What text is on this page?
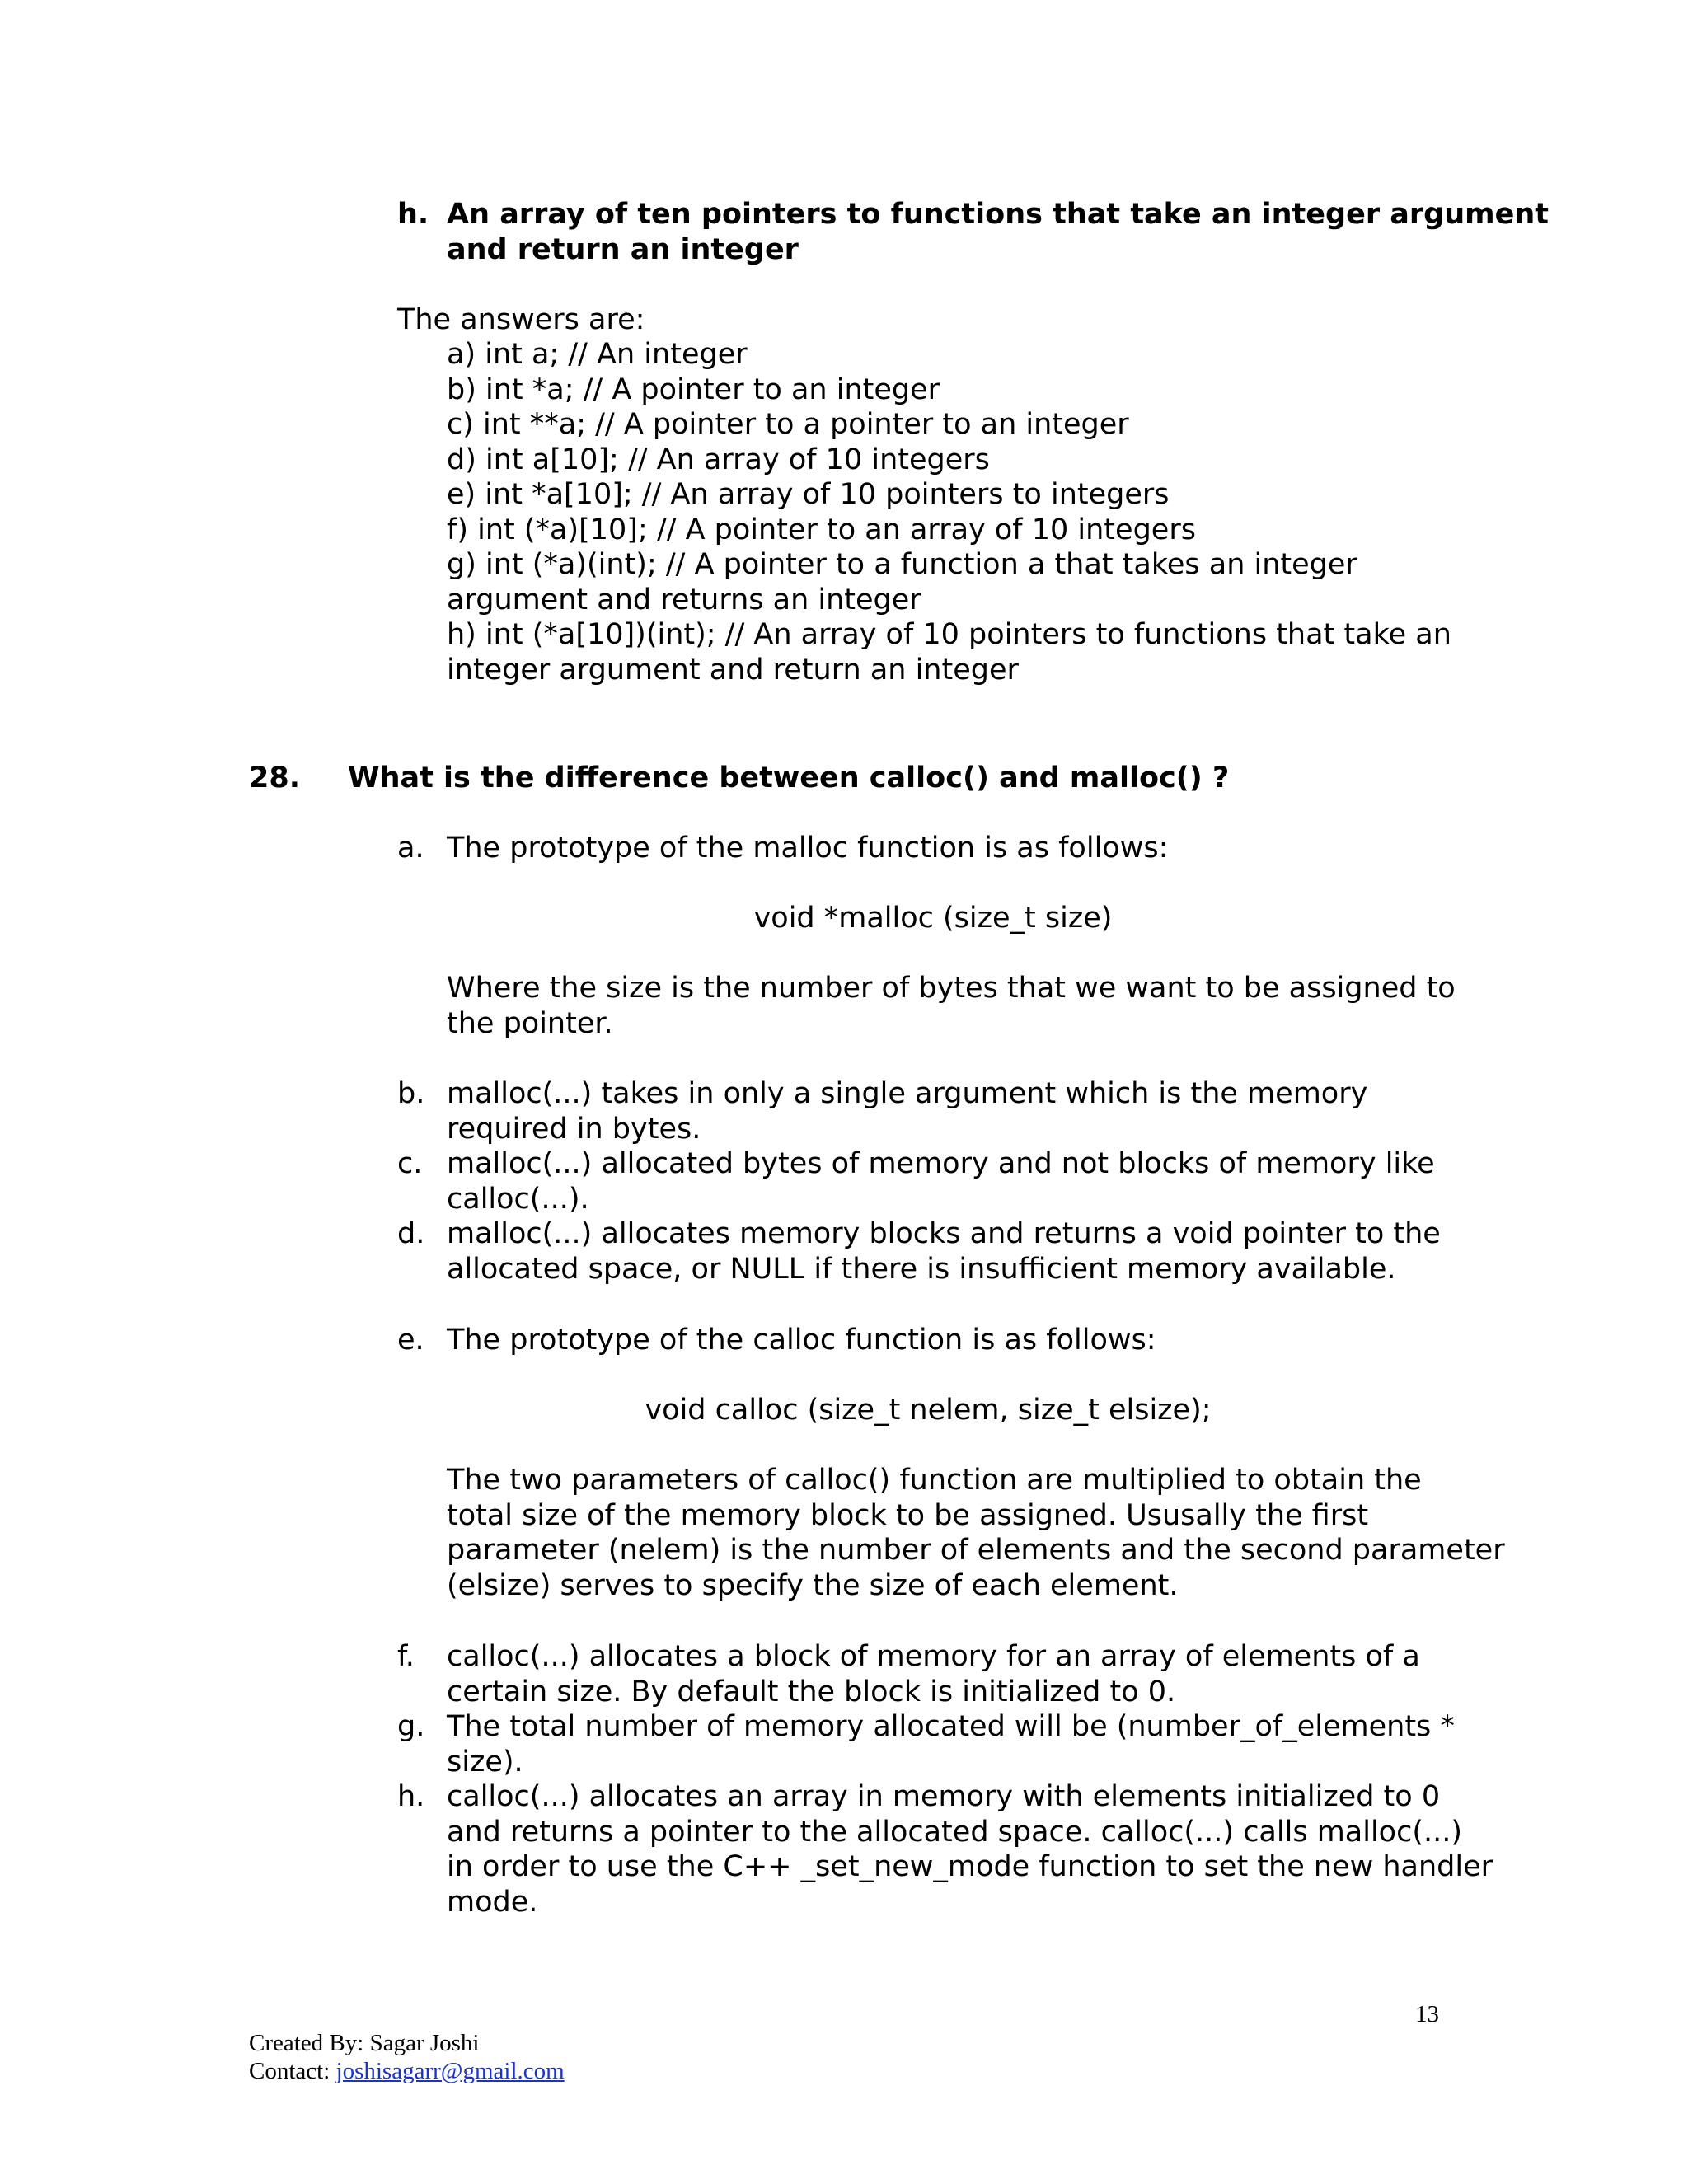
h. An array of ten pointers to functions that take an integer argument
and return an integer
The answers are:
a) int a; // An integer
b) int *a; // A pointer to an integer
c) int **a; // A pointer to a pointer to an integer
d) int a[10]; // An array of 10 integers
e) int *a[10]; // An array of 10 pointers to integers
f) int (*a)[10]; // A pointer to an array of 10 integers
g) int (*a)(int); // A pointer to a function a that takes an integer
argument and returns an integer
h) int (*a[10])(int); // An array of 10 pointers to functions that take an
integer argument and return an integer
28. What is the difference between calloc() and malloc() ?
a. The prototype of the malloc function is as follows:
void *malloc (size_t size)
Where the size is the number of bytes that we want to be assigned to
the pointer.
b. malloc(...) takes in only a single argument which is the memory
required in bytes.
c. malloc(...) allocated bytes of memory and not blocks of memory like
calloc(...).
d. malloc(...) allocates memory blocks and returns a void pointer to the
allocated space, or NULL if there is insufficient memory available.
e. The prototype of the calloc function is as follows:
void calloc (size_t nelem, size_t elsize);
The two parameters of calloc() function are multiplied to obtain the
total size of the memory block to be assigned. Ususally the first
parameter (nelem) is the number of elements and the second parameter
(elsize) serves to specify the size of each element.
f. calloc(...) allocates a block of memory for an array of elements of a
certain size. By default the block is initialized to 0.
g. The total number of memory allocated will be (number_of_elements *
size).
h. calloc(...) allocates an array in memory with elements initialized to 0
and returns a pointer to the allocated space. calloc(...) calls malloc(...)
in order to use the C++ _set_new_mode function to set the new handler
mode.
13
Created By: Sagar Joshi
Contact: joshisagarr@gmail.com
